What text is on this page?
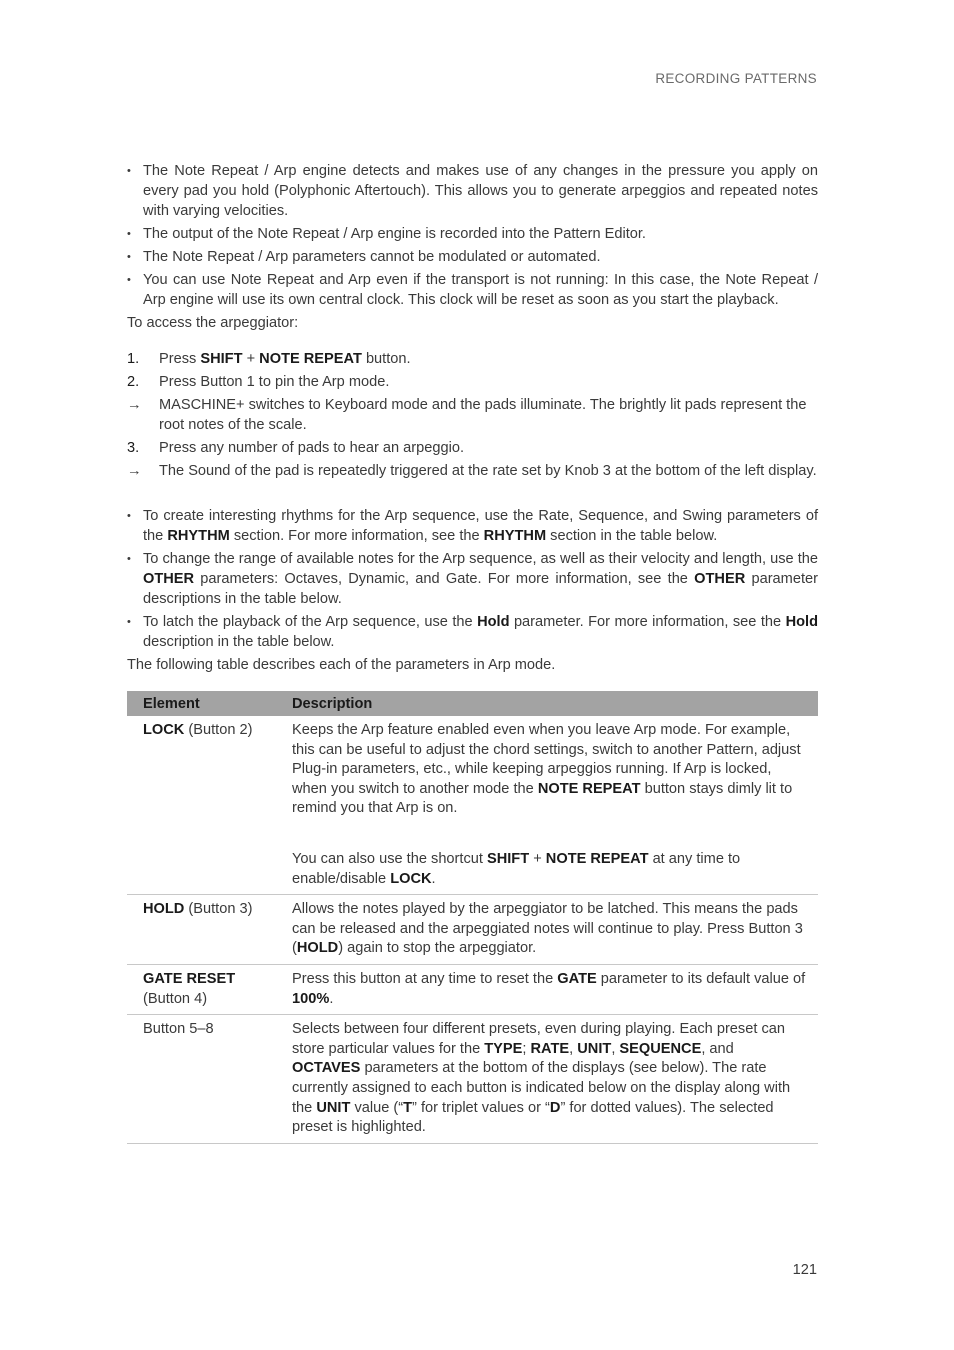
RECORDING PATTERNS
• The Note Repeat / Arp engine detects and makes use of any changes in the pressure you apply on every pad you hold (Polyphonic Aftertouch). This allows you to generate arpeggios and repeated notes with varying velocities.
• The output of the Note Repeat / Arp engine is recorded into the Pattern Editor.
• The Note Repeat / Arp parameters cannot be modulated or automated.
• You can use Note Repeat and Arp even if the transport is not running: In this case, the Note Repeat / Arp engine will use its own central clock. This clock will be reset as soon as you start the playback.

To access the arpeggiator:

1. Press SHIFT + NOTE REPEAT button.
2. Press Button 1 to pin the Arp mode.
→ MASCHINE+ switches to Keyboard mode and the pads illuminate. The brightly lit pads represent the root notes of the scale.
3. Press any number of pads to hear an arpeggio.
→ The Sound of the pad is repeatedly triggered at the rate set by Knob 3 at the bottom of the left display.
• To create interesting rhythms for the Arp sequence, use the Rate, Sequence, and Swing parameters of the RHYTHM section. For more information, see the RHYTHM section in the table below.
• To change the range of available notes for the Arp sequence, as well as their velocity and length, use the OTHER parameters: Octaves, Dynamic, and Gate. For more information, see the OTHER parameter descriptions in the table below.
• To latch the playback of the Arp sequence, use the Hold parameter. For more information, see the Hold description in the table below.

The following table describes each of the parameters in Arp mode.

Element	Description
LOCK (Button 2)	Keeps the Arp feature enabled even when you leave Arp mode. For example, this can be useful to adjust the chord settings, switch to another Pattern, adjust Plug-in parameters, etc., while keeping arpeggios running. If Arp is locked, when you switch to another mode the NOTE REPEAT button stays dimly lit to remind you that Arp is on.
You can also use the shortcut SHIFT + NOTE REPEAT at any time to enable/disable LOCK.

HOLD (Button 3)	Allows the notes played by the arpeggiator to be latched. This means the pads can be released and the arpeggiated notes will continue to play. Press Button 3 (HOLD) again to stop the arpeggiator.

GATE RESET
(Button 4)	Press this button at any time to reset the GATE parameter to its default value of 100%.

Button 5–8	Selects between four different presets, even during playing. Each preset can store particular values for the TYPE; RATE, UNIT, SEQUENCE, and OCTAVES parameters at the bottom of the displays (see below). The rate currently assigned to each button is indicated below on the display along with the UNIT value (“T” for triplet values or “D” for dotted values). The selected preset is highlighted.
121
